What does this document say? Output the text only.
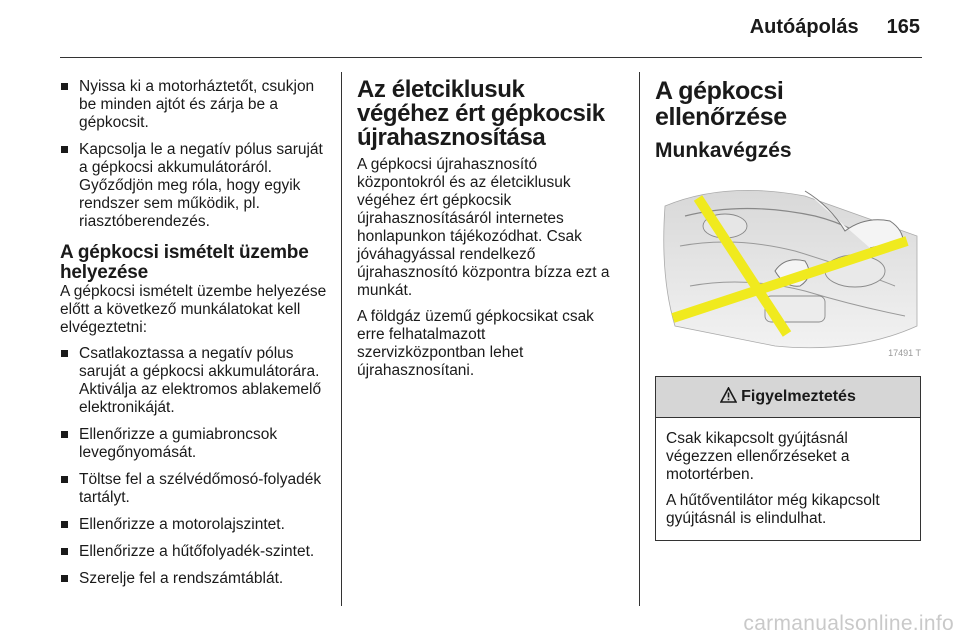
Autóápolás 165
Nyissa ki a motorháztetőt, csukjon be minden ajtót és zárja be a gépkocsit.
Kapcsolja le a negatív pólus saruját a gépkocsi akkumulátoráról. Győződjön meg róla, hogy egyik rendszer sem működik, pl. riasztóberendezés.
A gépkocsi ismételt üzembe helyezése

A gépkocsi ismételt üzembe helyezése előtt a következő munkálatokat kell elvégeztetni:

Csatlakoztassa a negatív pólus saruját a gépkocsi akkumulátorára. Aktiválja az elektromos ablakemelő elektronikáját.
Ellenőrizze a gumiabroncsok levegőnyomását.
Töltse fel a szélvédőmosó-folyadék tartályt.
Ellenőrizze a motorolajszintet.
Ellenőrizze a hűtőfolyadék-szintet.
Szerelje fel a rendszámtáblát.
Az életciklusuk végéhez ért gépkocsik újrahasznosítása

A gépkocsi újrahasznosító központokról és az életciklusuk végéhez ért gépkocsik újrahasznosításáról internetes honlapunkon tájékozódhat. Csak jóváhagyással rendelkező újrahasznosító központra bízza ezt a munkát.

A földgáz üzemű gépkocsikat csak erre felhatalmazott szervizközpontban lehet újrahasznosítani.

A gépkocsi ellenőrzése
Munkavégzés
17491 T
Figyelmeztetés

Csak kikapcsolt gyújtásnál végezzen ellenőrzéseket a motortérben.

A hűtőventilátor még kikapcsolt gyújtásnál is elindulhat.

carmanualsonline.info
